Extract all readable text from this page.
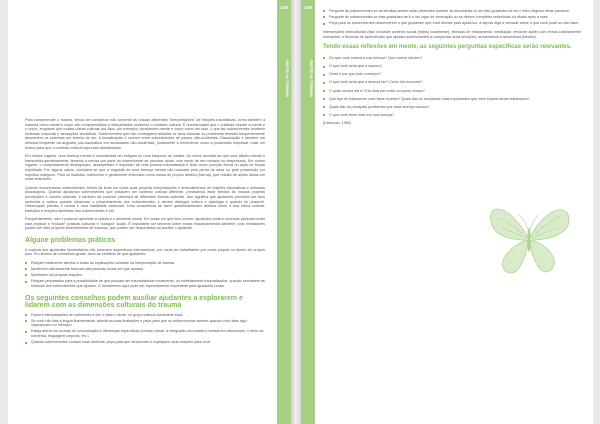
108
PARTE III: TRAUMA

Para compreender o trauma, temos de considerar não somente as nossas diferentes "interpretações" de reações traumáticas, como também a maneira como mente e corpo são compreendidos e interpretados conforme o contexto cultural. É recomendado que o cuidador separe a mente e o corpo, enquanto que muitas outras culturas (na Ásia, por exemplo) consideram mente e corpo como um todo, o que faz sobreviventes sentirem sintomas corporais e sensações somáticas. Sobreviventes que não conseguem articular os seus traumas ou problemas mentais frequentemente descrevem os sintomas em termos de dor. A somatização é comum entre sobreviventes de países não-ocidentais. Dissociação é também um sintoma frequente da angústia pós-traumática em sociedades não-ocidentais, juntamente a fenômenos como a possessão espiritual, mais um motivo para que o contexto cultural seja mais familiarizado.

Em muitos lugares, uma doença mental é considerada um estigma ou uma fraqueza de caráter. As vezes acredita-se que uma aflição mental é transmitida geneticamente, levando à recusa por parte do sobrevivente de procurar ajuda, com medo de ser rotulado ou desprezado. Em outros lugares, o comportamento desregulado, desesperado e impulsivo de uma pessoa traumatizada é visto como punição divina ou ação de forças espirituais. Em alguns casos, considera-se que a angústia de uma doença mental não causada pela perda de alma ou pela possessão por espíritos malignos. Para os budistas, sofrimento é geralmente entendido como causa do próprio destino (karma), que resulta de ações falsas em vidas anteriores.

Quando encontramos sobreviventes, temos de levar em conta suas próprias interpretações e entendimentos de reações traumáticas e sintomas psicológicos. Quando ajudamos sobreviventes que possuem um contexto cultural diferente, precisamos estar atentos às nossas próprias percepções e valores culturais, e também da possível presença de diferentes formas culturais. Isso significa que ajudantes precisam ser bem sensíveis à cultura quando observam o comportamento dos sobreviventes, e devem distinguir cultura e patologia e quando for possível. Observação precisa e neutra é uma habilidade essencial. Uma consciência de fazer questionamentos abertos sobre a sua rotina cultural, tradições e reações familiares dos sobreviventes é útil.

Frequentemente, não é possível aprender a cultura e o ambiente social. Em locais em que isso ocorrer, ajudantes podem convocar pessoas locais para explicar e "traduzir" práticas culturais e "códigos" locais. É importante ser sensível sobre esses relacionamentos também, pois mediadores podem ser eles próprios sobreviventes de traumas, que podem ser despertados ao auxiliar o ajudante.

Algune problemas práticos

A maioria dos ajudantes humanitários não possuem experiência internacional, por conta de trabalharem por conta própria ou dentro do próprio país. Em termos de conselhos gerais, deve-se certificar de que ajudantes:

Estejam totalmente atentos a todas as implicações culturais na interpretação de trauma.
Monitorem atentamente traumas das pessoas locais em que ajudam.
Monitorem as próprias reações.
Estejam preparados para a possibilidade de que possam ser traumatizados novamente, ou indiretamente traumatizados, quando escutarem as histórias dos sobreviventes que ajudam. O treinamento aqui pode ser especialmente importante para ajudantes locais.
Os seguintes conselhos podem auxiliar ajudantes a explorarem e lidarem com as dimensões culturais do trauma
Explore interpretações de sofrimento e dor, e vida e morte, no grupo cultural dominante local.
Se você não fala a língua fluentemente, admita as suas limitações e peça para que os sobreviventes avisem quando você falar algo inapropriado ou ofensivo.
Esteja atento às normas de comunicação e diferenças específicas (contato visual, a integração da comida e bebida em discussões, o ritmo da conversa, linguagem corporal, etc.).
Quando sobreviventes contam suas histórias, peça para que descrevam e expliquem suas reações para você.
109
PARTE III: TRAUMA
Pergunte às sobreviventes se as famílias devem estar presentes durante as discussões ou se elas gostariam de ter o líder religioso delas presente.
Pergunte às sobreviventes se elas gostariam de ir a um lugar de veneração ou se devem completar cerimônias ou rituais após a crise.
Peça para os sobreviventes descreverem o que gostariam que você fizesse para ajudá-los, a depois diga a verdade sobre o que você pode ou não fazer.

Intervenções interculturais (isso inclusive contexto social (redes) localmente); técnicas de relaxamento; meditação; envolver ações com temas culturalmente relevantes; e técnicas de aprendizado que ajudam sobreviventes a compensar suas emoções, aumentando a autoestima (Becker).

Tendo essas reflexões em mente, as seguintes perguntas específicas serão relevantes.
Do que você chama a sua doença? Que nomes ela tem?
O que você acha que a causou?
Onde e por que tudo começou?
O que você acha que a doença faz? Como ela funciona?
O quão severa ela é? Ela dura por muito ou pouco tempo?
Que tipo de tratamento você deve receber? Quais são os resultados mais importantes que você espera desse tratamento?
Quais são os principais problemas que essa doença causou?
O que você teme mais em sua doença?

(Kleinman, 1980)
